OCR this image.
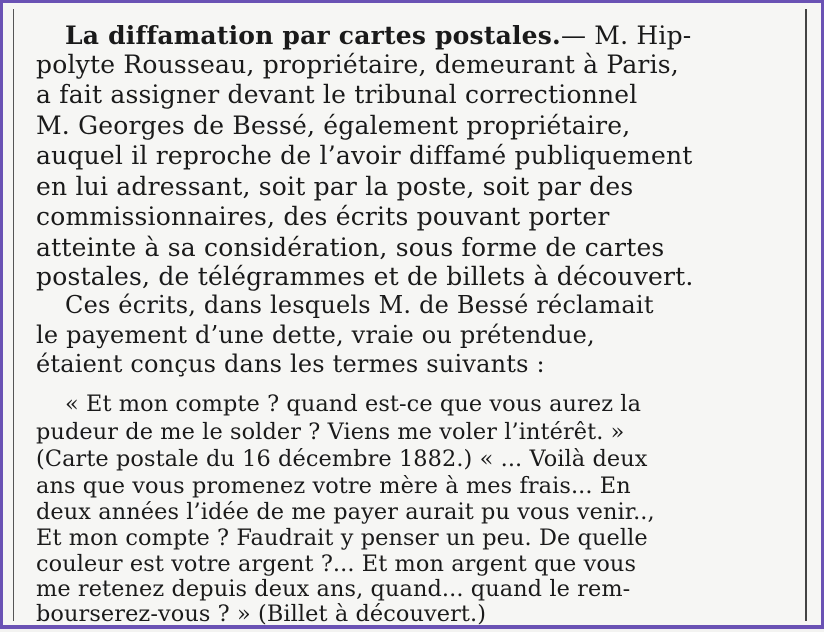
La diffamation par cartes postales.— M. Hip-

polyte Rousseau, propriétaire, demeurant à Paris,

a fait assigner devant le tribunal correctionnel

M. Georges de Bessé, également propriétaire,

auquel il reproche de l’avoir diffamé publiquement

en lui adressant, soit par la poste, soit par des

commissionnaires, des écrits pouvant porter

atteinte à sa considération, sous forme de cartes

postales, de télégrammes et de billets à découvert.

Ces écrits, dans lesquels M. de Bessé réclamait

le payement d’une dette, vraie ou prétendue,

étaient conçus dans les termes suivants :

« Et mon compte ? quand est-ce que vous aurez la

pudeur de me le solder ? Viens me voler l’intérêt. »

(Carte postale du 16 décembre 1882.) « ... Voilà deux

ans que vous promenez votre mère à mes frais... En

deux années l’idée de me payer aurait pu vous venir..,

Et mon compte ? Faudrait y penser un peu. De quelle

couleur est votre argent ?... Et mon argent que vous

me retenez depuis deux ans, quand... quand le rem-

bourserez-vous ? » (Billet à découvert.)
